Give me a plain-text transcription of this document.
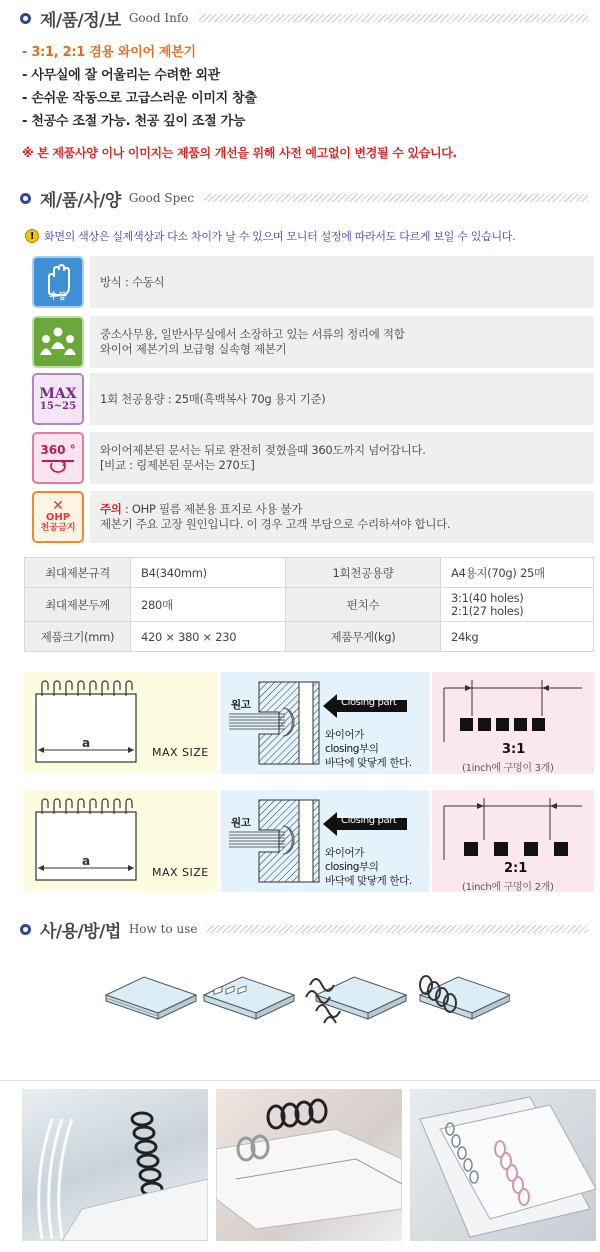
제/품/정/보 Good Info
- 3:1, 2:1 겸용 와이어 제본기
- 사무실에 잘 어울리는 수려한 외관
- 손쉬운 작동으로 고급스러운 이미지 창출
- 천공수 조절 가능. 천공 깊이 조절 가능
※ 본 제품사양 이나 이미지는 제품의 개선을 위해 사전 예고없이 변경될 수 있습니다.
제/품/사/양 Good Spec
! 화면의 색상은 실제색상과 다소 차이가 날 수 있으며 모니터 설정에 따라서도 다르게 보일 수 있습니다.
수동
방식 : 수동식
중소사무용, 일반사무실에서 소장하고 있는 서류의 정리에 적합
와이어 제본기의 보급형 실속형 제본기
MAX
15~25
1회 천공용량 : 25매(흑백복사 70g 용지 기준)
360 ° 와이어제본된 문서는 뒤로 완전히 젖혔을때 360도까지 넘어갑니다.
[비교 : 링제본된 문서는 270도]
✕
OHP
천공금지
주의 : OHP 필름 제본용 표지로 사용 불가
제본기 주요 고장 원인입니다. 이 경우 고객 부담으로 수리하셔야 합니다.
최대제본규격	B4(340mm)	1회천공용량	A4용지(70g) 25매
최대제본두께	280매	펀치수	3:1(40 holes)
2:1(27 holes)

제품크기(mm)	420 × 380 × 230	제품무게(kg)	24kg
a
MAX SIZE
원고	Closing part
와이어가
closing부의
바닥에 맞닿게 한다.
3:1
(1inch에 구멍이 3개)
a
MAX SIZE
원고	Closing part
와이어가
closing부의
바닥에 맞닿게 한다.
2:1
(1inch에 구멍이 2개)
사/용/방/법 How to use
